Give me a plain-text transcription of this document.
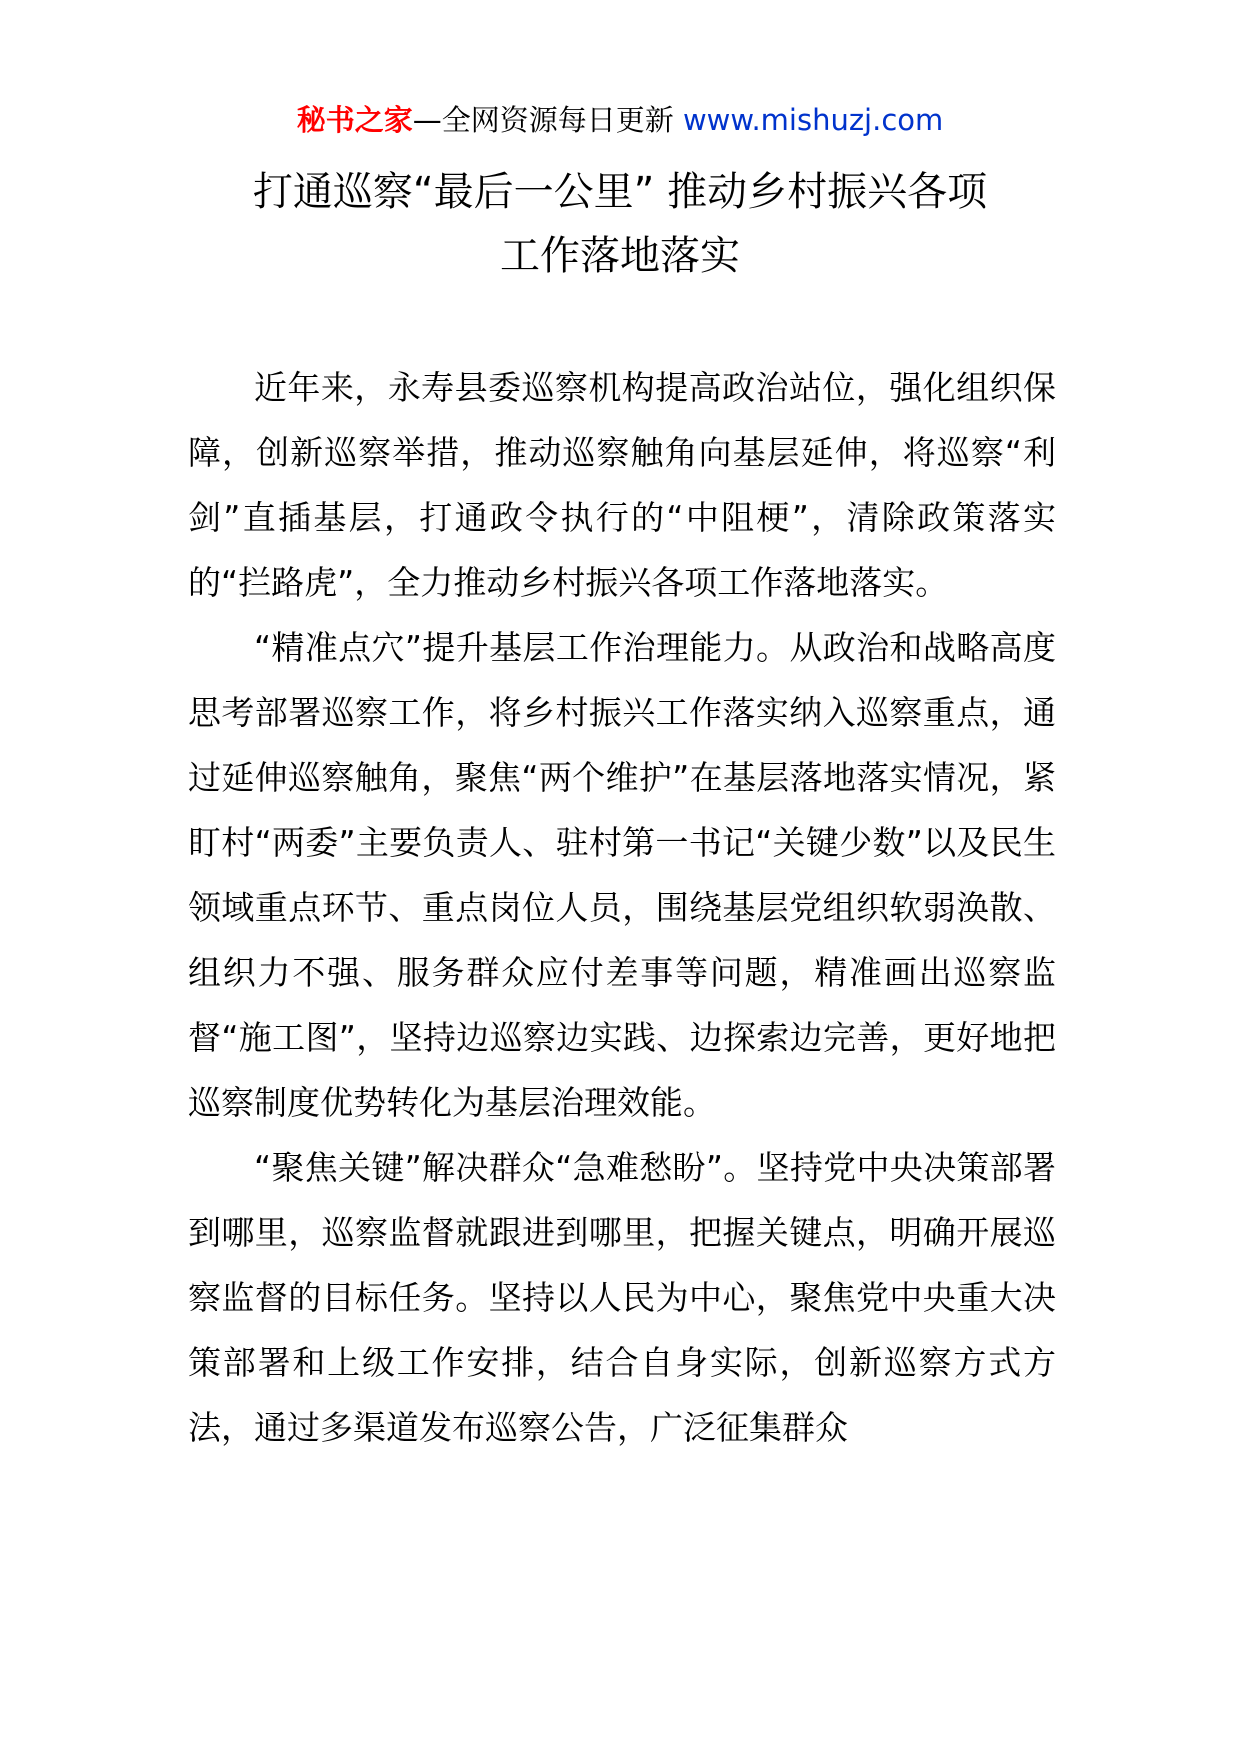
秘书之家—全网资源每日更新 www.mishuzj.com
打通巡察“最后一公里” 推动乡村振兴各项
工作落地落实

近年来，永寿县委巡察机构提高政治站位，强化组织保障，创新巡察举措，推动巡察触角向基层延伸，将巡察“利剑”直插基层，打通政令执行的“中阻梗”，清除政策落实的“拦路虎”，全力推动乡村振兴各项工作落地落实。

“精准点穴”提升基层工作治理能力。从政治和战略高度思考部署巡察工作，将乡村振兴工作落实纳入巡察重点，通过延伸巡察触角，聚焦“两个维护”在基层落地落实情况，紧盯村“两委”主要负责人、驻村第一书记“关键少数”以及民生领域重点环节、重点岗位人员，围绕基层党组织软弱涣散、组织力不强、服务群众应付差事等问题，精准画出巡察监督“施工图”，坚持边巡察边实践、边探索边完善，更好地把巡察制度优势转化为基层治理效能。

“聚焦关键”解决群众“急难愁盼”。坚持党中央决策部署到哪里，巡察监督就跟进到哪里，把握关键点，明确开展巡察监督的目标任务。坚持以人民为中心，聚焦党中央重大决策部署和上级工作安排，结合自身实际，创新巡察方式方法，通过多渠道发布巡察公告，广泛征集群众
